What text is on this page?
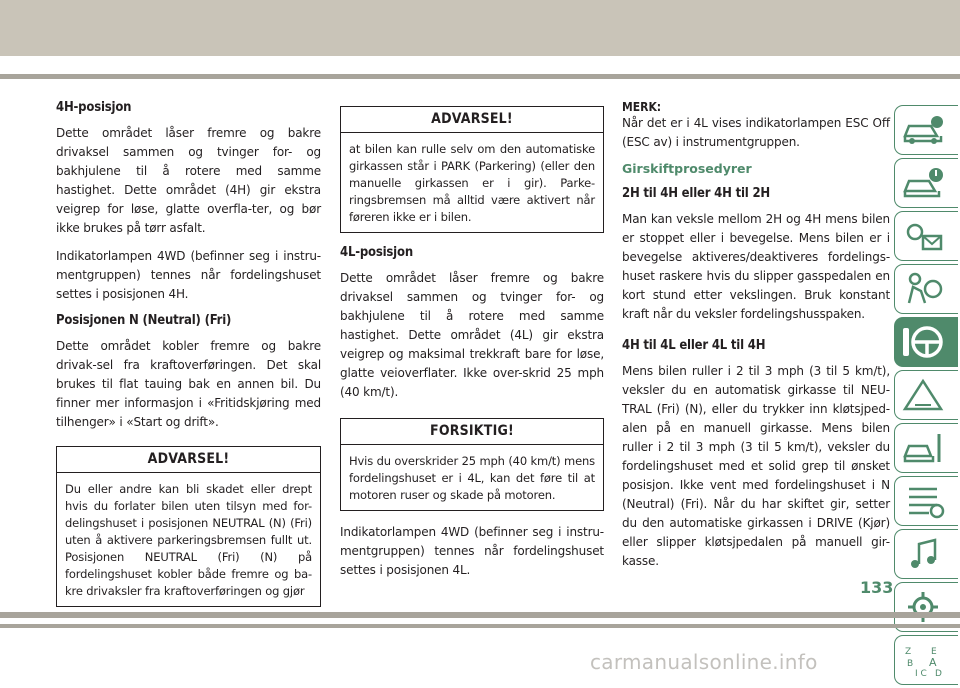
4H-posisjon

Dette området låser fremre og bakre drivaksel sammen og tvinger for- og bakhjulene til å rotere med samme hastighet. Dette området (4H) gir ekstra veigrep for løse, glatte overfla-ter, og bør ikke brukes på tørr asfalt.

Indikatorlampen 4WD (befinner seg i instru-mentgruppen) tennes når fordelingshuset settes i posisjonen 4H.

Posisjonen N (Neutral) (Fri)

Dette området kobler fremre og bakre drivak-sel fra kraftoverføringen. Det skal brukes til flat tauing bak en annen bil. Du finner mer informasjon i «Fritidskjøring med tilhenger» i «Start og drift».

ADVARSEL!
Du eller andre kan bli skadet eller drept hvis du forlater bilen uten tilsyn med for-delingshuset i posisjonen NEUTRAL (N) (Fri) uten å aktivere parkeringsbremsen fullt ut. Posisjonen NEUTRAL (Fri) (N) på fordelingshuset kobler både fremre og ba-kre drivaksler fra kraftoverføringen og gjør
ADVARSEL!
at bilen kan rulle selv om den automatiske girkassen står i PARK (Parkering) (eller den manuelle girkassen er i gir). Parke-ringsbremsen må alltid være aktivert når føreren ikke er i bilen.
4L-posisjon

Dette området låser fremre og bakre drivaksel sammen og tvinger for- og bakhjulene til å rotere med samme hastighet. Dette området (4L) gir ekstra veigrep og maksimal trekkraft bare for løse, glatte veioverflater. Ikke over-skrid 25 mph (40 km/t).

FORSIKTIG!
Hvis du overskrider 25 mph (40 km/t) mens fordelingshuset er i 4L, kan det føre til at motoren ruser og skade på motoren.

Indikatorlampen 4WD (befinner seg i instru-mentgruppen) tennes når fordelingshuset settes i posisjonen 4L.

MERK:

Når det er i 4L vises indikatorlampen ESC Off (ESC av) i instrumentgruppen.

Girskiftprosedyrer
2H til 4H eller 4H til 2H

Man kan veksle mellom 2H og 4H mens bilen er stoppet eller i bevegelse. Mens bilen er i bevegelse aktiveres/deaktiveres fordelings-huset raskere hvis du slipper gasspedalen en kort stund etter vekslingen. Bruk konstant kraft når du veksler fordelingshusspaken.

4H til 4L eller 4L til 4H

Mens bilen ruller i 2 til 3 mph (3 til 5 km/t), veksler du en automatisk girkasse til NEU-TRAL (Fri) (N), eller du trykker inn kløtsjped-alen på en manuell girkasse. Mens bilen ruller i 2 til 3 mph (3 til 5 km/t), veksler du fordelingshuset med et solid grep til ønsket posisjon. Ikke vent med fordelingshuset i N (Neutral) (Fri). Når du har skiftet gir, setter du den automatiske girkassen i DRIVE (Kjør) eller slipper kløtsjpedalen på manuell gir-kasse.

Z E
B A
I C D
133
carmanualsonline.info
